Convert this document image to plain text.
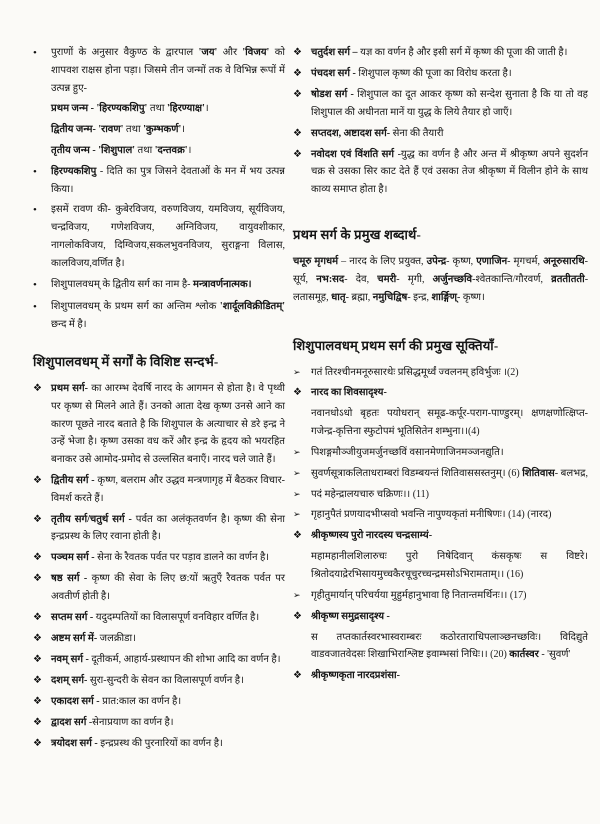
•	पुराणों के अनुसार वैकुण्ठ के द्वारपाल 'जय' और 'विजय' को शापवश राक्षस होना पड़ा। जिसमे तीन जन्मों तक वे विभिन्न रूपों में उत्पन्न हुए-
प्रथम जन्म - 'हिरण्यकशिपु' तथा 'हिरण्याक्ष'।
द्वितीय जन्म- 'रावण' तथा 'कुम्भकर्ण'।
तृतीय जन्म - 'शिशुपाल' तथा 'दन्तवक्र'।
•	हिरण्यकशिपु - दिति का पुत्र जिसने देवताओं के मन में भय उत्पन्न किया।
•	इसमें रावण की- कुबेरविजय, वरुणविजय, यमविजय, सूर्यविजय, चन्द्रविजय, गणेशविजय, अग्निविजय, वायुवशीकार, नागलोकविजय, दिग्विजय,सकलभुवनविजय, सुराङ्गना विलास, कालविजय,वर्णित है।
•	शिशुपालवधम् के द्वितीय सर्ग का नाम है- मन्त्रावर्णनात्मक।
•	शिशुपालवधम् के प्रथम सर्ग का अन्तिम श्लोक 'शार्दूलविक्रीडितम्' छन्द में है।
शिशुपालवधम् में सर्गों के विशिष्ट सन्दर्भ-
❖ प्रथम सर्ग- का आरम्भ देवर्षि नारद के आगमन से होता है। वे पृथ्वी पर कृष्ण से मिलने आते हैं। उनको आता देख कृष्ण उनसे आने का कारण पूछते नारद बताते है कि शिशुपाल के अत्याचार से डरे इन्द्र ने उन्हें भेजा है। कृष्ण उसका वध करें और इन्द्र के हृदय को भयरहित बनाकर उसे आमोद-प्रमोद से उल्लसित बनाएँ। नारद चले जाते हैं।
❖ द्वितीय सर्ग - कृष्ण, बलराम और उद्धव मन्त्रणागृह में बैठकर विचार-विमर्श करते हैं।
❖ तृतीय सर्ग/चतुर्थ सर्ग - पर्वत का अलंकृतवर्णन है। कृष्ण की सेना इन्द्रप्रस्थ के लिए रवाना होती है।
❖ पञ्चम सर्ग - सेना के रैवतक पर्वत पर पड़ाव डालने का वर्णन है।
❖ षष्ठ सर्ग - कृष्ण की सेवा के लिए छ:यों ऋतुएँ रैवतक पर्वत पर अवतीर्ण होती है।
❖ सप्तम सर्ग - यदुदम्पतियों का विलासपूर्ण वनविहार वर्णित है।
❖ अष्टम सर्ग में- जलक्रीडा।
❖ नवम् सर्ग - दूतीकर्म, आहार्य-प्रस्थापन की शोभा आदि का वर्णन है।
❖ दशम् सर्ग- सुरा-सुन्दरी के सेवन का विलासपूर्ण वर्णन है।
❖ एकादश सर्ग - प्रात:काल का वर्णन है।
❖ द्वादश सर्ग -सेनाप्रयाण का वर्णन है।
❖ त्रयोदश सर्ग - इन्द्रप्रस्थ की पुरनारियों का वर्णन है।
❖ चतुर्दश सर्ग – यज्ञ का वर्णन है और इसी सर्ग में कृष्ण की पूजा की जाती है।
❖ पंचदश सर्ग - शिशुपाल कृष्ण की पूजा का विरोध करता है।
❖ षोडश सर्ग - शिशुपाल का दूत आकर कृष्ण को सन्देश सुनाता है कि या तो वह शिशुपाल की अधीनता मानें या युद्ध के लिये तैयार हो जाएँ।
❖ सप्तदश, अष्टादश सर्ग- सेना की तैयारी
❖ नवोदश एवं विंशति सर्ग -युद्ध का वर्णन है और अन्त में श्रीकृष्ण अपने सुदर्शन चक्र से उसका सिर काट देते हैं एवं उसका तेज श्रीकृष्ण में विलीन होने के साथ काव्य समाप्त होता है।
प्रथम सर्ग के प्रमुख शब्दार्थ-

चमूरु मृगधर्म – नारद के लिए प्रयुक्त, उपेन्द्र- कृष्ण, एणाजिन- मृगचर्म, अनूरुसारथि- सूर्य, नभ:सद- देव, चमरी- मृगी, अर्जुनच्छवि-श्वेतकान्ति/गौरवर्ण, व्रततीतती- लतासमूह, धातृ- ब्रह्मा, नमुचिद्विष- इन्द्र, शार्ङ्गिण्- कृष्ण।

शिशुपालवधम् प्रथम सर्ग की प्रमुख सूक्तियाँ-
➢	गतं तिरश्चीनमनूरुसारथेः प्रसिद्धमूर्ध्वं ज्वलनम् हविर्भुजः ।(2)
❖ नारद का शिवसादृश्य-
नवानधोऽधो बृहतः पयोधरान् समूढ-कर्पूर-पराग-पाण्डुरम्। क्षणक्षणोत्क्षिप्त-गजेन्द्र-कृत्तिना स्फुटोपमं भूतिसितेन शम्भुना।।(4)
➢	पिशङ्गमौञ्जीयुजमर्जुनच्छविं वसानमेणाजिनमञ्जनद्युति।
➢	सुवर्णसूत्राकलिताधराम्बरां विडम्बयन्तं शितिवाससस्तनुम्। (6) शितिवास- बलभद्र,
➢	पदं महेन्द्रालयचारु चक्रिणः।। (11)
➢	गृहानुपैतं प्रणयादभीप्सवो भवन्ति नापुण्यकृतां मनीषिणः। (14) (नारद)
❖ श्रीकृष्णस्य पुरो नारदस्य चन्द्रसाम्यं-
महामहानीलशिलारुचः पुरो निषेदिवान् कंसकृषः स विष्टरे। श्रितोदयाद्रेरभिसायमुच्चकैरचूचुरच्चन्द्रमसोऽभिरामताम्।। (16)
➢	गृहीतुमार्यान् परिचर्यया मुहुर्महानुभावा हि नितान्तमर्थिनः।। (17)
❖ श्रीकृष्ण समुद्रसादृश्य -
स तप्तकार्तस्वरभास्वराम्बरः कठोरताराधिपलाञ्छनच्छविः। विदिद्युते वाडवजातवेदसः शिखाभिराश्लिष्ट इवाम्भसां निधिः।। (20) कार्तस्वर - 'सुवर्ण'
❖ श्रीकृष्णकृता नारदप्रशंसा-
